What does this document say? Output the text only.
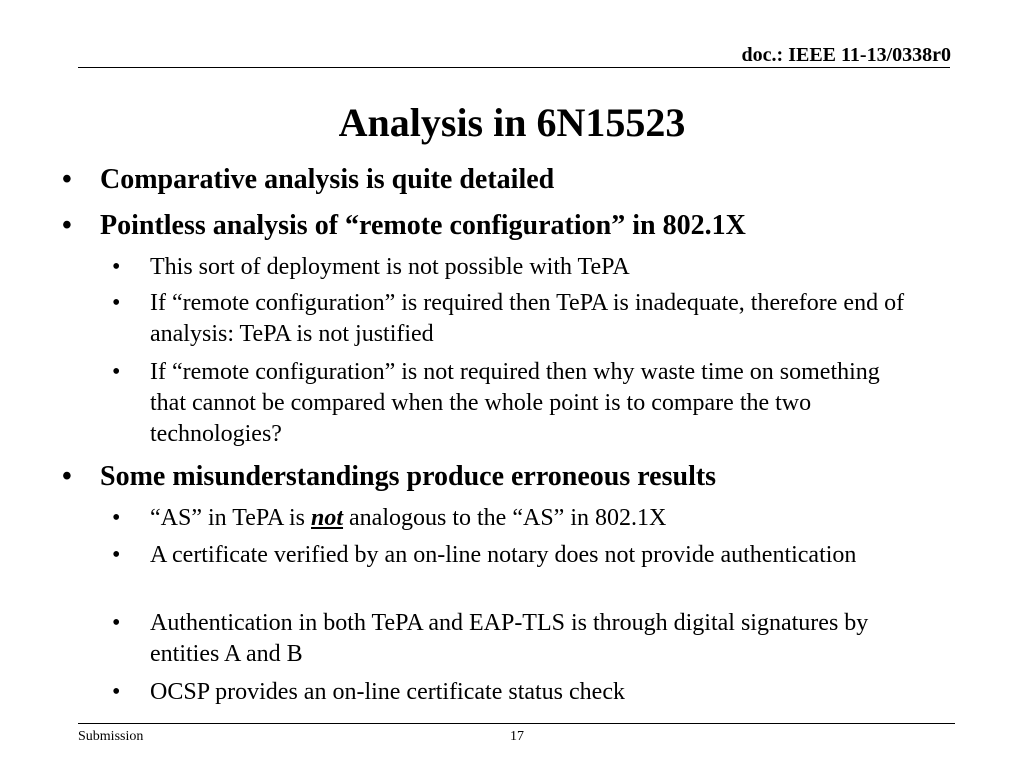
doc.: IEEE 11-13/0338r0
Analysis in 6N15523
• Comparative analysis is quite detailed
• Pointless analysis of “remote configuration” in 802.1X
• This sort of deployment is not possible with TePA
• If “remote configuration” is required then TePA is inadequate, therefore end of analysis: TePA is not justified
• If “remote configuration” is not required then why waste time on something that cannot be compared when the whole point is to compare the two technologies?
• Some misunderstandings produce erroneous results
• “AS” in TePA is not analogous to the “AS” in 802.1X
• A certificate verified by an on-line notary does not provide authentication
• Authentication in both TePA and EAP-TLS is through digital signatures by entities A and B
• OCSP provides an on-line certificate status check
Submission	17
